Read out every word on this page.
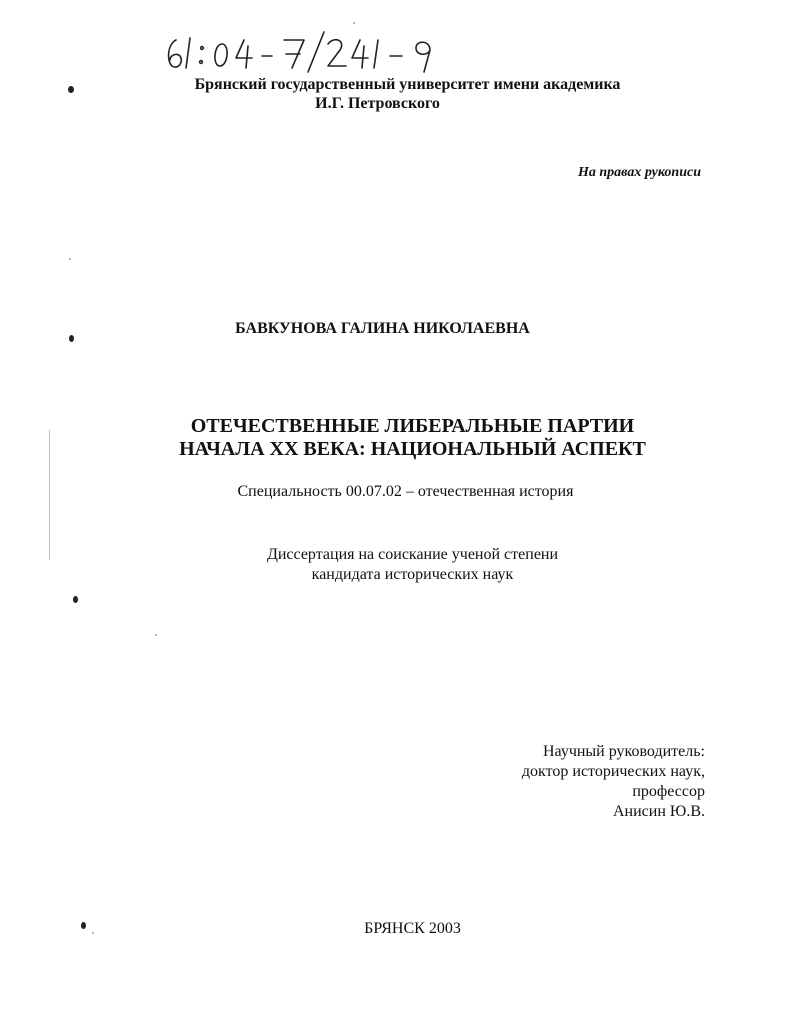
Брянский государственный университет имени академика
И.Г. Петровского
На правах рукописи
БАВКУНОВА ГАЛИНА НИКОЛАЕВНА
ОТЕЧЕСТВЕННЫЕ ЛИБЕРАЛЬНЫЕ ПАРТИИ
НАЧАЛА XX ВЕКА: НАЦИОНАЛЬНЫЙ АСПЕКТ
Специальность 00.07.02 – отечественная история
Диссертация на соискание ученой степени
кандидата исторических наук
Научный руководитель:
доктор исторических наук,
профессор
Анисин Ю.В.
БРЯНСК 2003
